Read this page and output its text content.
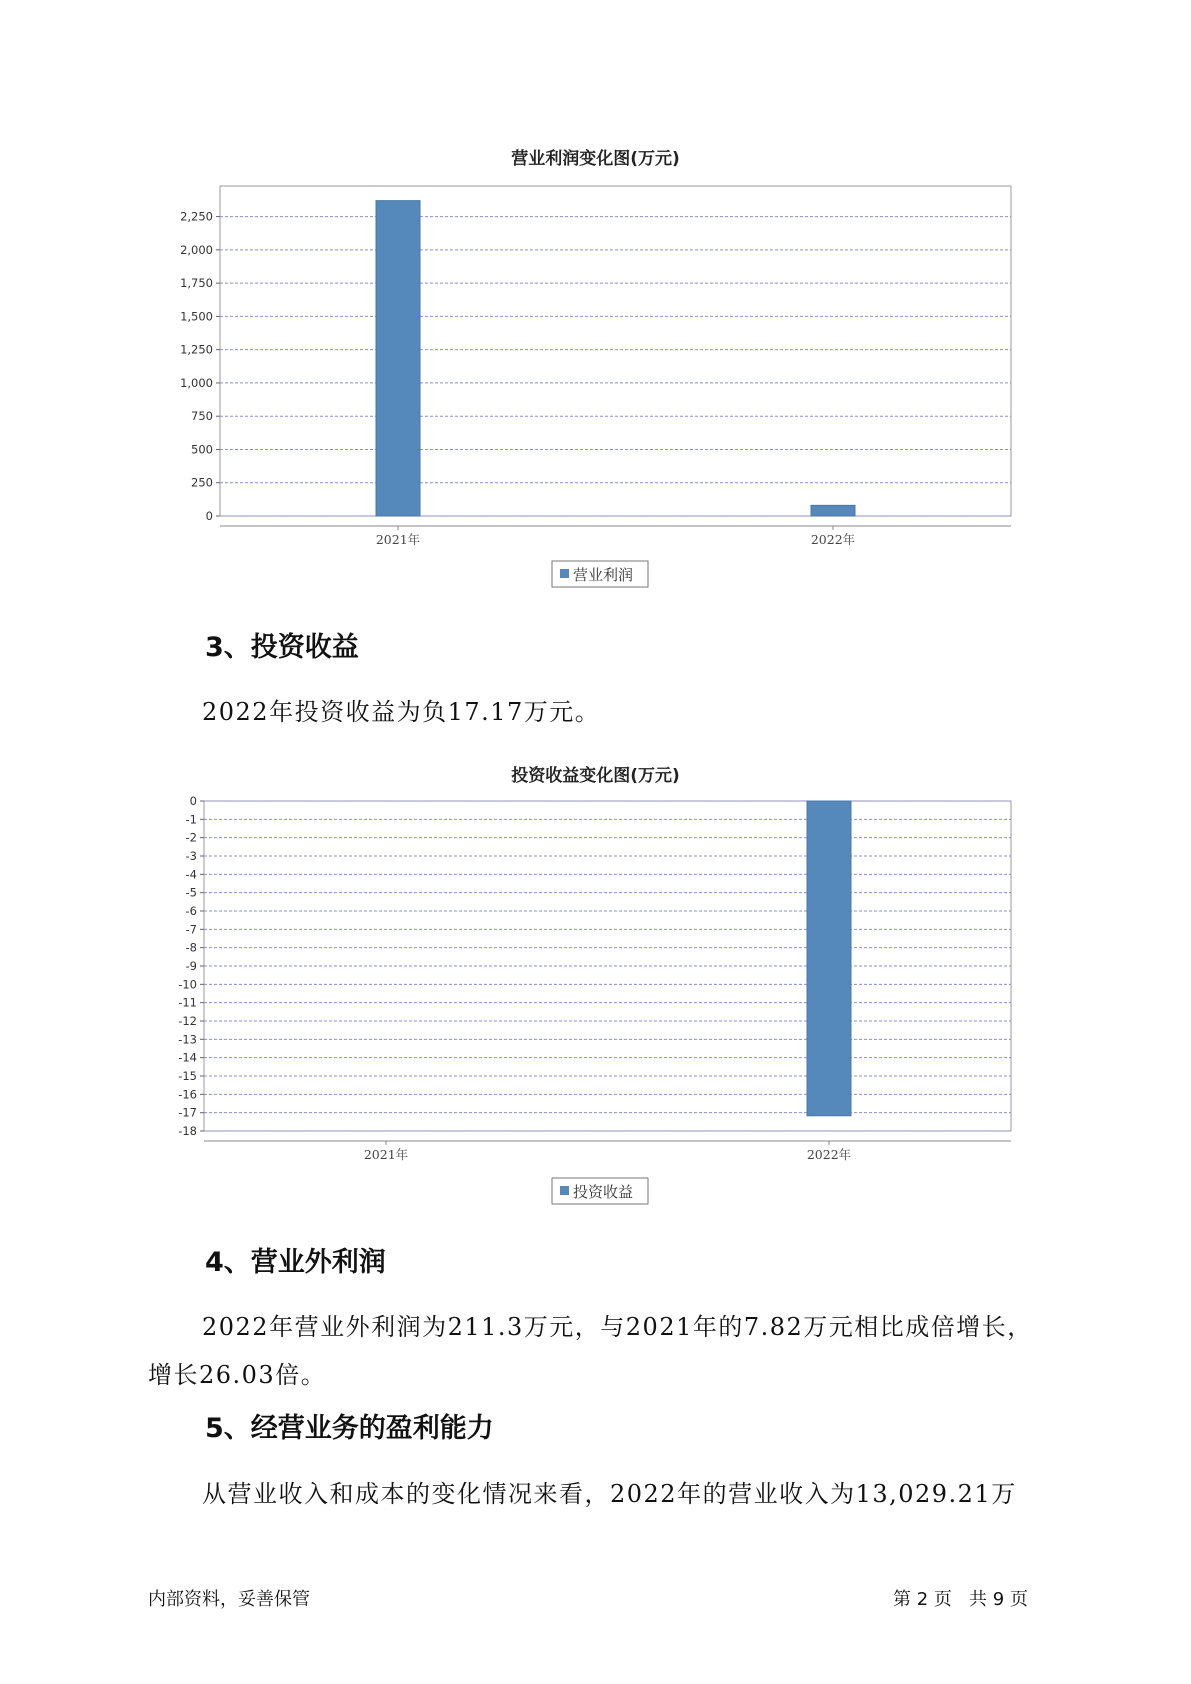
营业利润变化图(万元)
0
250
500
750
1,000
1,250
1,500
1,750
2,000
2,250
2021年	2022年
营业利润
3、投资收益
2022年投资收益为负17.17万元。
投资收益变化图(万元)
0
-1
-2
-3
-4
-5
-6
-7
-8
-9
-10
-11
-12
-13
-14
-15
-16
-17
-18
2021年	2022年
投资收益
4、营业外利润
2022年营业外利润为211.3万元，与2021年的7.82万元相比成倍增长，
增长26.03倍。
5、经营业务的盈利能力
从营业收入和成本的变化情况来看，2022年的营业收入为13,029.21万
内部资料，妥善保管	第 2 页   共 9 页
